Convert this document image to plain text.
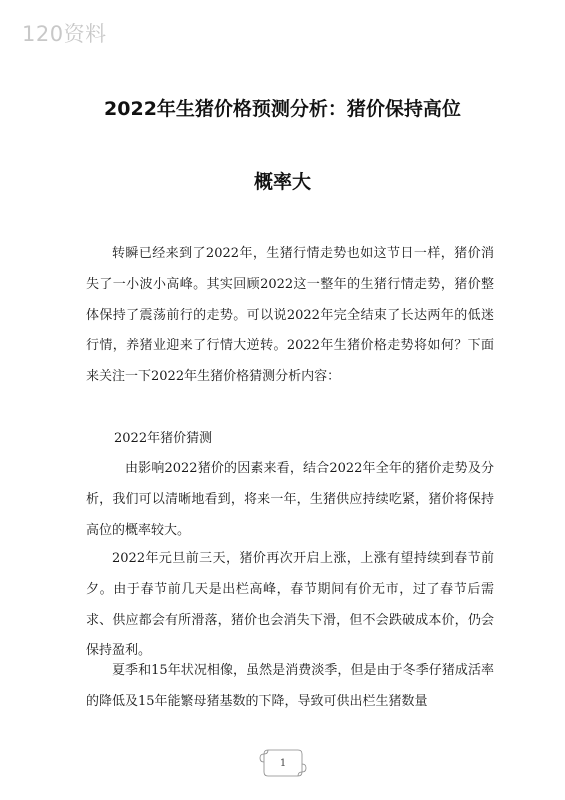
120资料
2022年生猪价格预测分析：猪价保持高位
概率大

转瞬已经来到了2022年，生猪行情走势也如这节日一样，猪价消失了一小波小高峰。其实回顾2022这一整年的生猪行情走势，猪价整体保持了震荡前行的走势。可以说2022年完全结束了长达两年的低迷行情，养猪业迎来了行情大逆转。2022年生猪价格走势将如何？下面来关注一下2022年生猪价格猜测分析内容：

2022年猪价猜测

由影响2022猪价的因素来看，结合2022年全年的猪价走势及分析，我们可以清晰地看到，将来一年，生猪供应持续吃紧，猪价将保持高位的概率较大。

2022年元旦前三天，猪价再次开启上涨，上涨有望持续到春节前夕。由于春节前几天是出栏高峰，春节期间有价无市，过了春节后需求、供应都会有所滑落，猪价也会消失下滑，但不会跌破成本价，仍会保持盈利。

夏季和15年状况相像，虽然是消费淡季，但是由于冬季仔猪成活率的降低及15年能繁母猪基数的下降，导致可供出栏生猪数量

1
